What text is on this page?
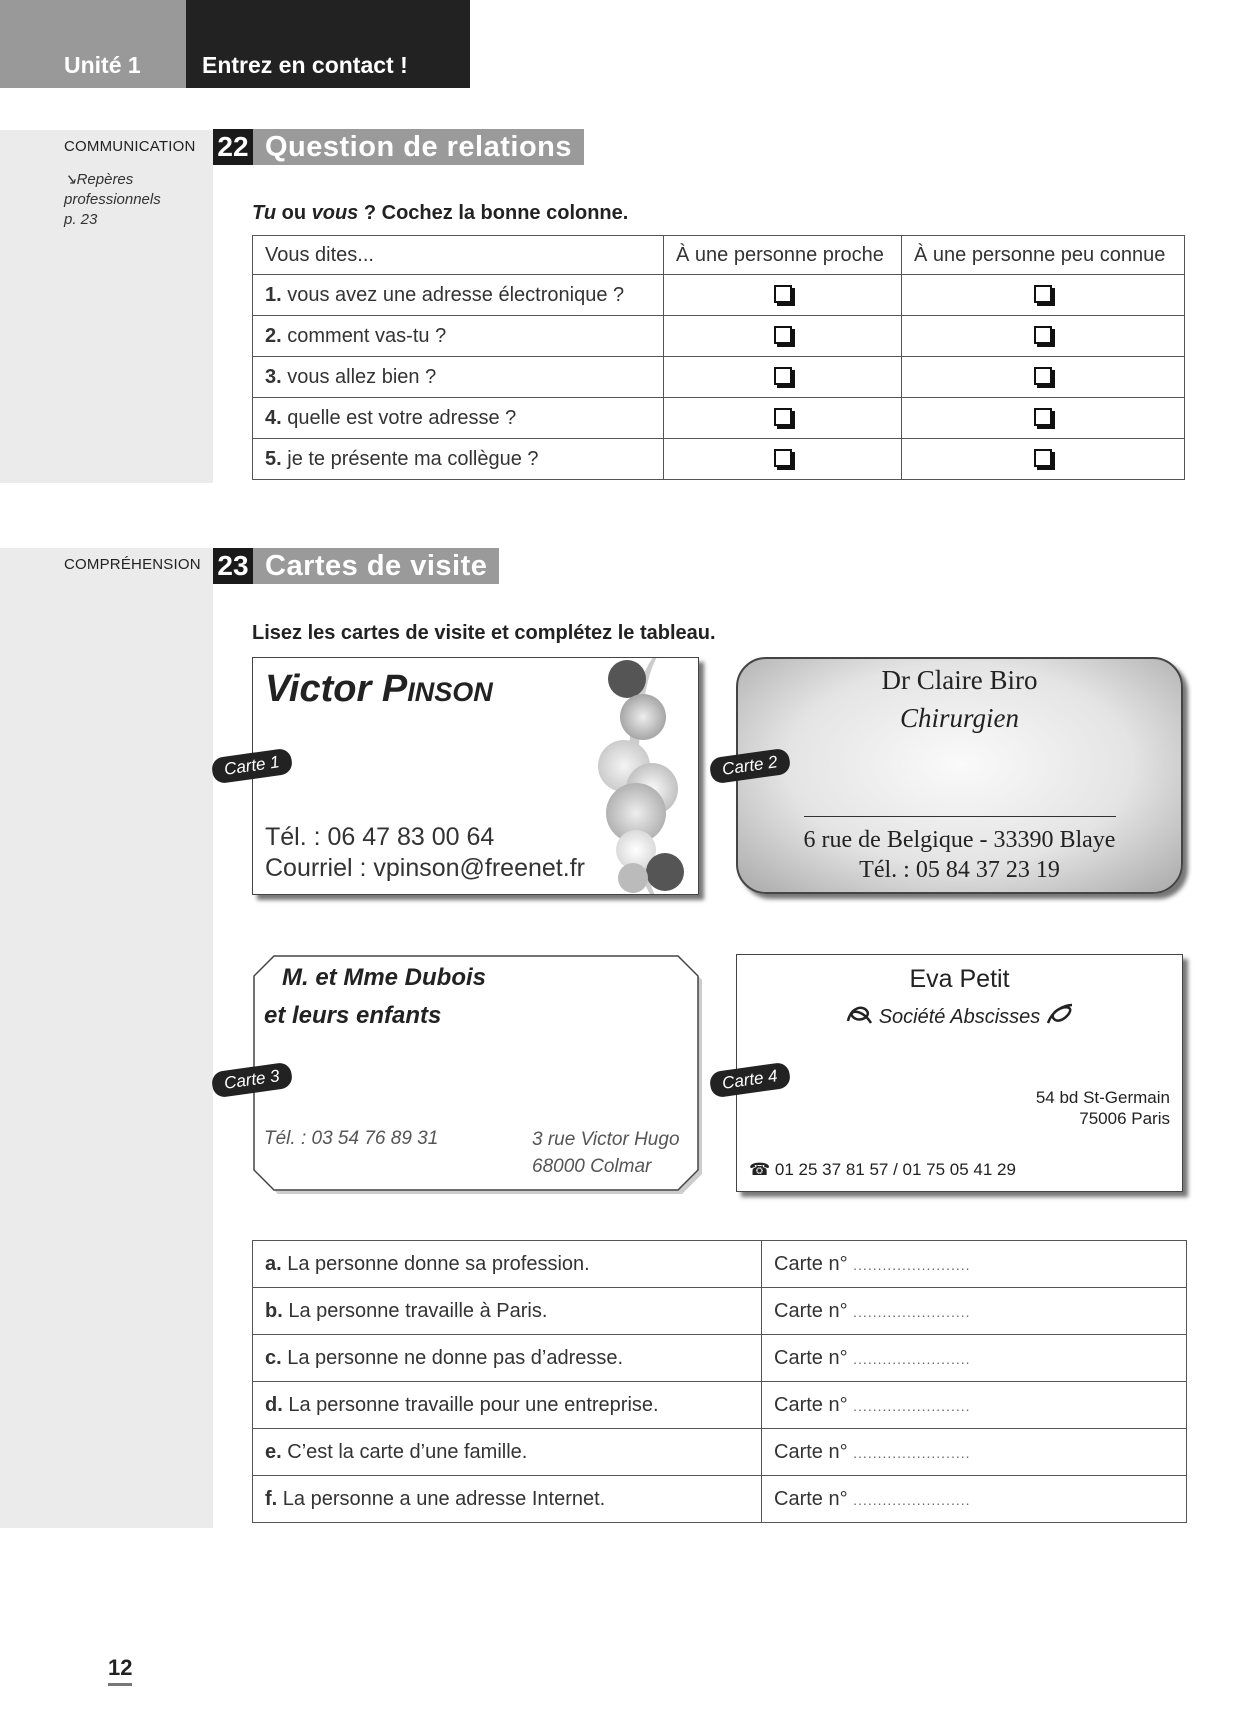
Unité 1	Entrez en contact !
COMMUNICATION
↘Repères
professionnels
p. 23
22 Question de relations
Tu ou vous ? Cochez la bonne colonne.
Vous dites...	À une personne proche	À une personne peu connue
1. vous avez une adresse électronique ?		
2. comment vas-tu ?		
3. vous allez bien ?		
4. quelle est votre adresse ?		
5. je te présente ma collègue ?		
COMPRÉHENSION 23 Cartes de visite
Lisez les cartes de visite et complétez le tableau.
Victor Pinson
Tél. : 06 47 83 00 64
Courriel : vpinson@freenet.fr
Carte 1
Dr Claire Biro
Chirurgien
6 rue de Belgique - 33390 Blaye
Tél. : 05 84 37 23 19
Carte 2
M. et Mme Dubois
et leurs enfants
Tél. : 03 54 76 89 31	3 rue Victor Hugo
68000 Colmar
Carte 3
Eva Petit
Société Abscisses
54 bd St-Germain
75006 Paris
☎ 01 25 37 81 57 / 01 75 05 41 29
Carte 4
a. La personne donne sa profession.	Carte n° ........................
b. La personne travaille à Paris.	Carte n° ........................
c. La personne ne donne pas d’adresse.	Carte n° ........................
d. La personne travaille pour une entreprise.	Carte n° ........................
e. C’est la carte d’une famille.	Carte n° ........................
f. La personne a une adresse Internet.	Carte n° ........................
12
